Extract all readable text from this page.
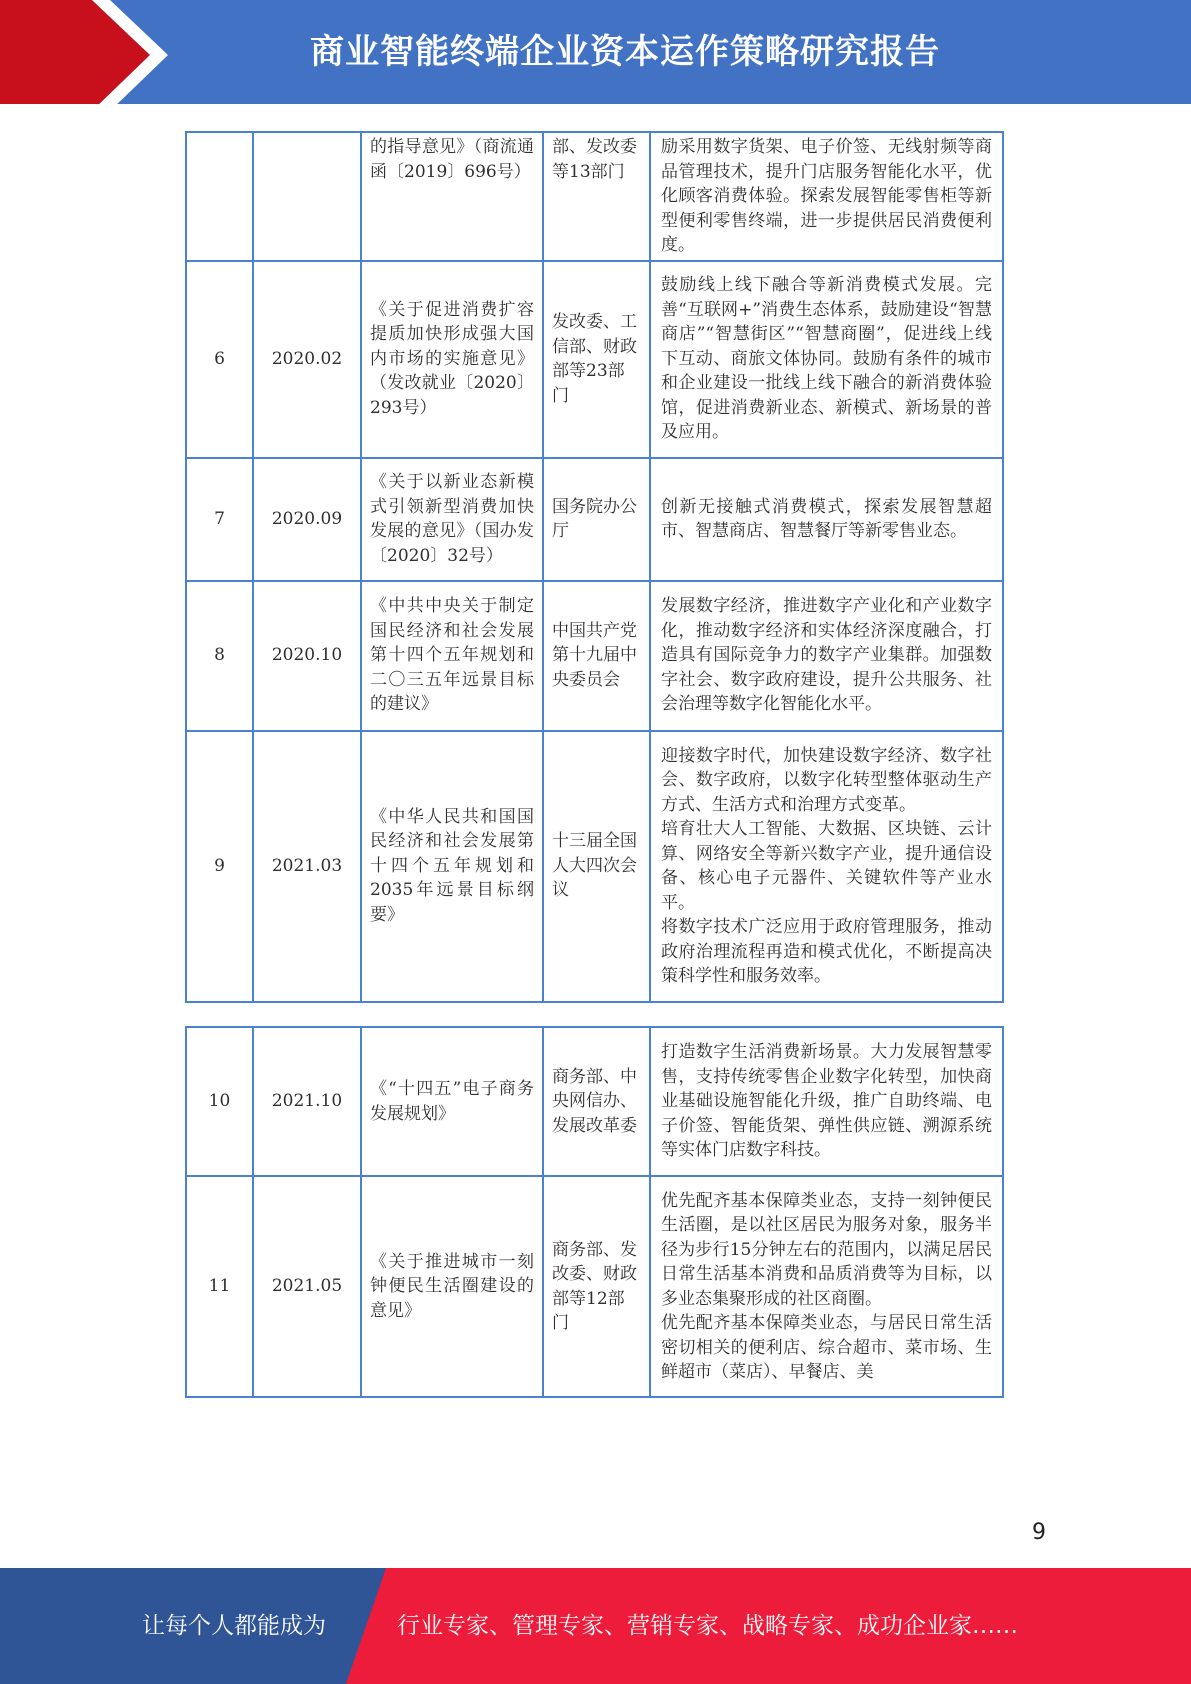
商业智能终端企业资本运作策略研究报告
		的指导意见》（商流通函〔2019〕696号）	部、发改委等13部门	励采用数字货架、电子价签、无线射频等商品管理技术，提升门店服务智能化水平，优化顾客消费体验。探索发展智能零售柜等新型便利零售终端，进一步提供居民消费便利度。

6	2020.02	《关于促进消费扩容提质加快形成强大国内市场的实施意见》（发改就业〔2020〕293号）	发改委、工信部、财政部等23部门	鼓励线上线下融合等新消费模式发展。完善“互联网+”消费生态体系，鼓励建设“智慧商店”“智慧街区”“智慧商圈”，促进线上线下互动、商旅文体协同。鼓励有条件的城市和企业建设一批线上线下融合的新消费体验馆，促进消费新业态、新模式、新场景的普及应用。

7	2020.09	《关于以新业态新模式引领新型消费加快发展的意见》（国办发〔2020〕32号）	国务院办公厅	创新无接触式消费模式，探索发展智慧超市、智慧商店、智慧餐厅等新零售业态。

8	2020.10	《中共中央关于制定国民经济和社会发展第十四个五年规划和二〇三五年远景目标的建议》	中国共产党第十九届中央委员会	发展数字经济，推进数字产业化和产业数字化，推动数字经济和实体经济深度融合，打造具有国际竞争力的数字产业集群。加强数字社会、数字政府建设，提升公共服务、社会治理等数字化智能化水平。

9	2021.03	《中华人民共和国国民经济和社会发展第十四个五年规划和2035年远景目标纲要》	十三届全国人大四次会议	迎接数字时代，加快建设数字经济、数字社会、数字政府，以数字化转型整体驱动生产方式、生活方式和治理方式变革。
培育壮大人工智能、大数据、区块链、云计算、网络安全等新兴数字产业，提升通信设备、核心电子元器件、关键软件等产业水平。
将数字技术广泛应用于政府管理服务，推动政府治理流程再造和模式优化，不断提高决策科学性和服务效率。
10	2021.10	《“十四五”电子商务发展规划》	商务部、中央网信办、发展改革委	打造数字生活消费新场景。大力发展智慧零售，支持传统零售企业数字化转型，加快商业基础设施智能化升级，推广自助终端、电子价签、智能货架、弹性供应链、溯源系统等实体门店数字科技。

11	2021.05	《关于推进城市一刻钟便民生活圈建设的意见》	商务部、发改委、财政部等12部门	优先配齐基本保障类业态，支持一刻钟便民生活圈，是以社区居民为服务对象，服务半径为步行15分钟左右的范围内，以满足居民日常生活基本消费和品质消费等为目标，以多业态集聚形成的社区商圈。
优先配齐基本保障类业态，与居民日常生活密切相关的便利店、综合超市、菜市场、生鲜超市（菜店）、早餐店、美
9
让每个人都能成为	行业专家、管理专家、营销专家、战略专家、成功企业家……
